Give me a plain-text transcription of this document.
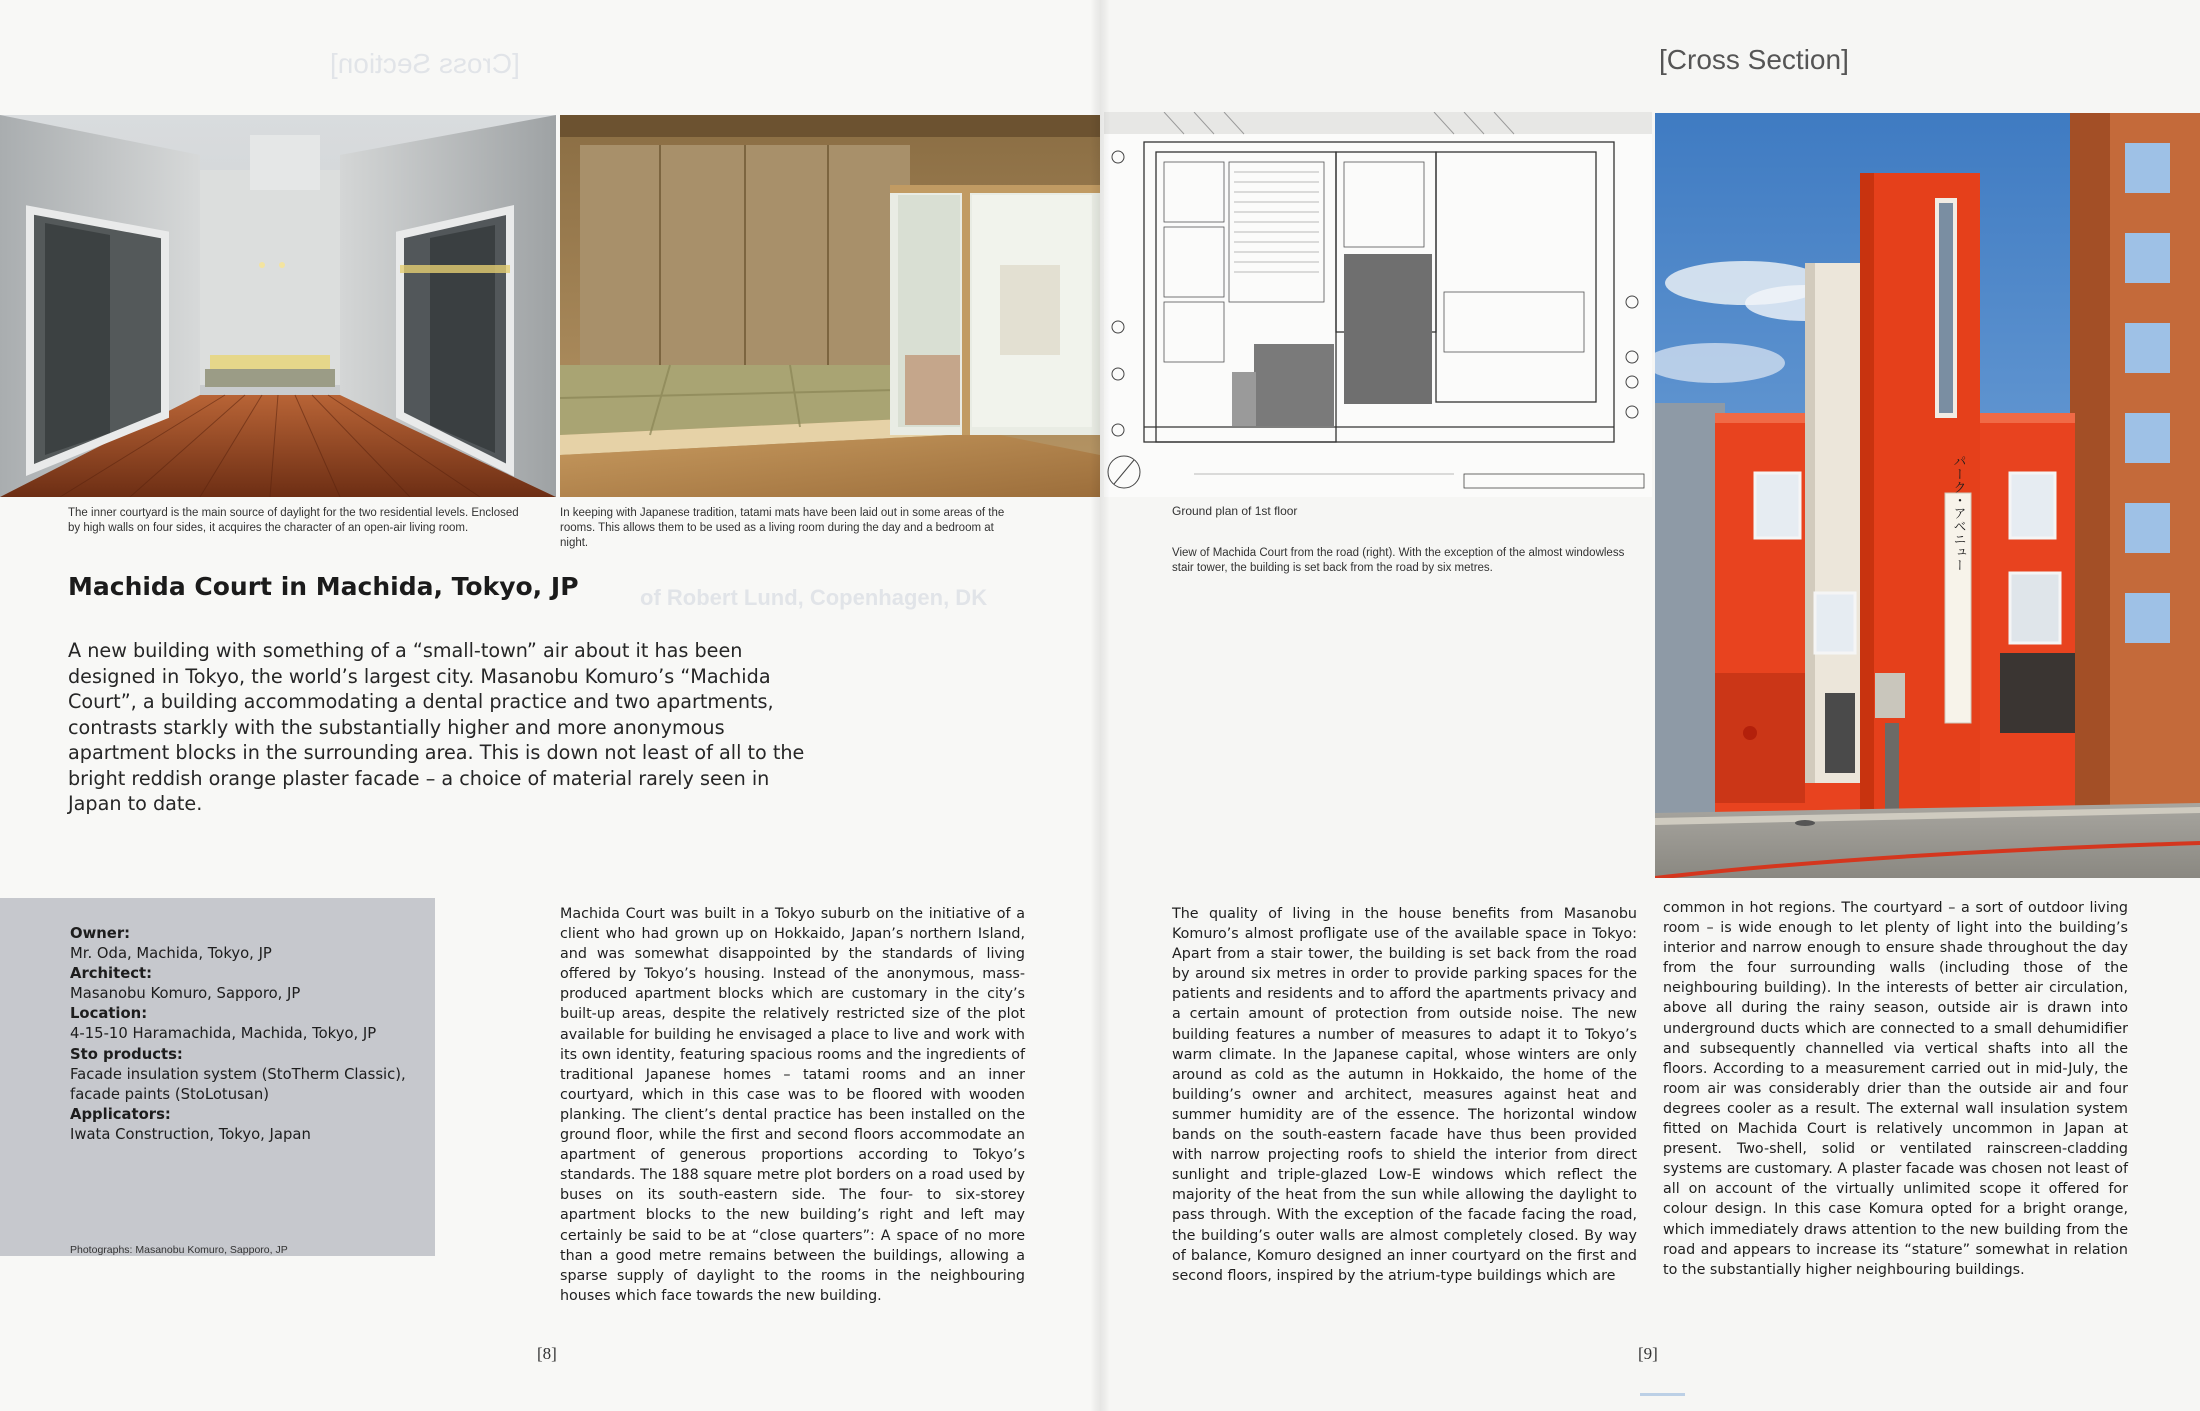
[Cross Section]
of Robert Lund, Copenhagen, DK
The inner courtyard is the main source of daylight for the two residential levels. Enclosed by high walls on four sides, it acquires the character of an open-air living room.
In keeping with Japanese tradition, tatami mats have been laid out in some areas of the rooms. This allows them to be used as a living room during the day and a bedroom at night.
Machida Court in Machida, Tokyo, JP

A new building with something of a “small-town” air about it has been designed in Tokyo, the world’s largest city. Masanobu Komuro’s “Machida Court”, a building accommodating a dental practice and two apartments, contrasts starkly with the substantially higher and more anonymous apartment blocks in the surrounding area. This is down not least of all to the bright reddish orange plaster facade – a choice of material rarely seen in Japan to date.

Owner:
Mr. Oda, Machida, Tokyo, JP
Architect:
Masanobu Komuro, Sapporo, JP
Location:
4-15-10 Haramachida, Machida, Tokyo, JP
Sto products:
Facade insulation system (StoTherm Classic), facade paints (StoLotusan)
Applicators:
Iwata Construction, Tokyo, Japan
Photographs: Masanobu Komuro, Sapporo, JP

Machida Court was built in a Tokyo suburb on the initiative of a client who had grown up on Hokkaido, Japan’s northern Island, and was somewhat disappointed by the standards of living offered by Tokyo’s housing. Instead of the anonymous, mass-produced apartment blocks which are customary in the city’s built-up areas, despite the relatively restricted size of the plot available for building he envisaged a place to live and work with its own identity, featuring spacious rooms and the ingredients of traditional Japanese homes – tatami rooms and an inner courtyard, which in this case was to be floored with wooden planking. The client’s dental practice has been installed on the ground floor, while the first and second floors accommodate an apartment of generous proportions according to Tokyo’s standards. The 188 square metre plot borders on a road used by buses on its south-eastern side. The four- to six-storey apartment blocks to the new building’s right and left may certainly be said to be at “close quarters”: A space of no more than a good metre remains between the buildings, allowing a sparse supply of daylight to the rooms in the neighbouring houses which face towards the new building.

[8]
[Cross Section]
Ground plan of 1st floor
View of Machida Court from the road (right). With the exception of the almost windowless stair tower, the building is set back from the road by six metres.	パーク・アベニュー

The quality of living in the house benefits from Masanobu Komuro’s almost profligate use of the available space in Tokyo: Apart from a stair tower, the building is set back from the road by around six metres in order to provide parking spaces for the patients and residents and to afford the apartments privacy and a certain amount of protection from outside noise. The new building features a number of measures to adapt it to Tokyo’s warm climate. In the Japanese capital, whose winters are only around as cold as the autumn in Hokkaido, the home of the building’s owner and architect, measures against heat and summer humidity are of the essence. The horizontal window bands on the south-eastern facade have thus been provided with narrow projecting roofs to shield the interior from direct sunlight and triple-glazed Low-E windows which reflect the majority of the heat from the sun while allowing the daylight to pass through. With the exception of the facade facing the road, the building’s outer walls are almost completely closed. By way of balance, Komuro designed an inner courtyard on the first and second floors, inspired by the atrium-type buildings which are

common in hot regions. The courtyard – a sort of outdoor living room – is wide enough to let plenty of light into the building’s interior and narrow enough to ensure shade throughout the day from the four surrounding walls (including those of the neighbouring building). In the interests of better air circulation, above all during the rainy season, outside air is drawn into underground ducts which are connected to a small dehumidifier and subsequently channelled via vertical shafts into all the floors. According to a measurement carried out in mid-July, the room air was considerably drier than the outside air and four degrees cooler as a result. The external wall insulation system fitted on Machida Court is relatively uncommon in Japan at present. Two-shell, solid or ventilated rainscreen-cladding systems are customary. A plaster facade was chosen not least of all on account of the virtually unlimited scope it offered for colour design. In this case Komura opted for a bright orange, which immediately draws attention to the new building from the road and appears to increase its “stature” somewhat in relation to the substantially higher neighbouring buildings.

[9]
